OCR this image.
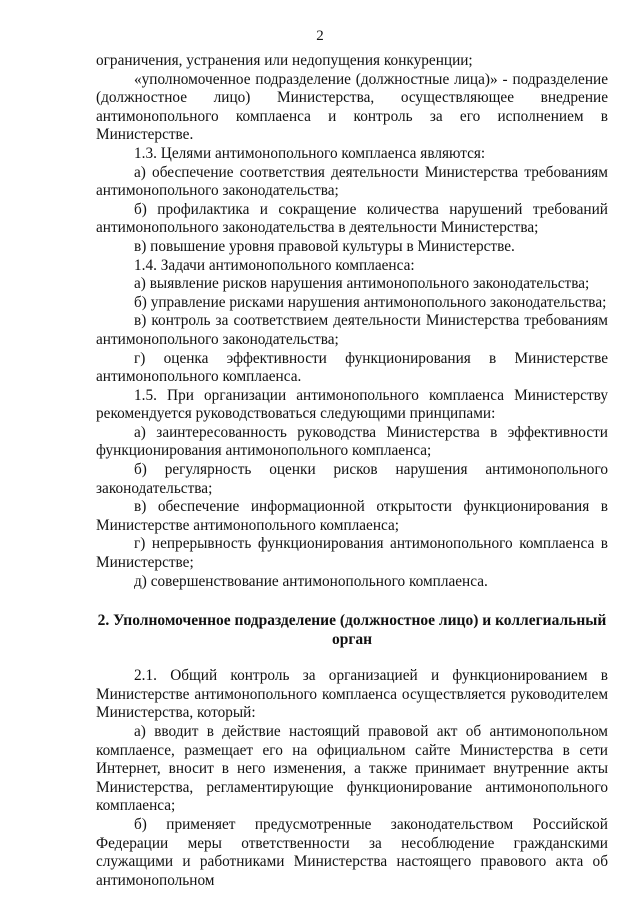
2

ограничения, устранения или недопущения конкуренции;

«уполномоченное подразделение (должностные лица)» - подразделение (должностное лицо) Министерства, осуществляющее внедрение антимонопольного комплаенса и контроль за его исполнением в Министерстве.

1.3. Целями антимонопольного комплаенса являются:

а) обеспечение соответствия деятельности Министерства требованиям антимонопольного законодательства;

б) профилактика и сокращение количества нарушений требований антимонопольного законодательства в деятельности Министерства;

в) повышение уровня правовой культуры в Министерстве.

1.4. Задачи антимонопольного комплаенса:

а) выявление рисков нарушения антимонопольного законодательства;

б) управление рисками нарушения антимонопольного законодательства;

в) контроль за соответствием деятельности Министерства требованиям антимонопольного законодательства;

г) оценка эффективности функционирования в Министерстве антимонопольного комплаенса.

1.5. При организации антимонопольного комплаенса Министерству рекомендуется руководствоваться следующими принципами:

а) заинтересованность руководства Министерства в эффективности функционирования антимонопольного комплаенса;

б) регулярность оценки рисков нарушения антимонопольного законодательства;

в) обеспечение информационной открытости функционирования в Министерстве антимонопольного комплаенса;

г) непрерывность функционирования антимонопольного комплаенса в Министерстве;

д) совершенствование антимонопольного комплаенса.

2. Уполномоченное подразделение (должностное лицо) и коллегиальный орган

2.1. Общий контроль за организацией и функционированием в Министерстве антимонопольного комплаенса осуществляется руководителем Министерства, который:

а) вводит в действие настоящий правовой акт об антимонопольном комплаенсе, размещает его на официальном сайте Министерства в сети Интернет, вносит в него изменения, а также принимает внутренние акты Министерства, регламентирующие функционирование антимонопольного комплаенса;

б) применяет предусмотренные законодательством Российской Федерации меры ответственности за несоблюдение гражданскими служащими и работниками Министерства настоящего правового акта об антимонопольном
